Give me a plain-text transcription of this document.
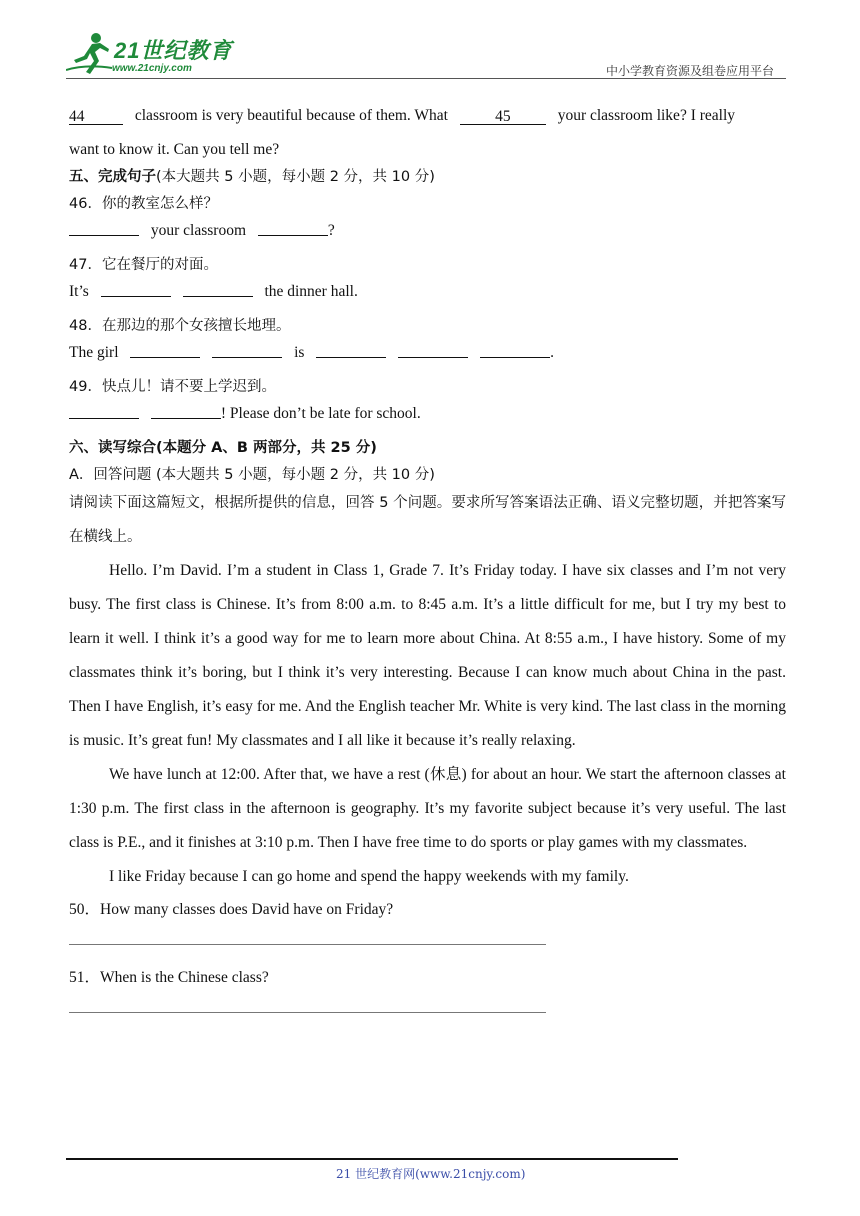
21世纪教育
www.21cnjy.com	中小学教育资源及组卷应用平台
44	classroom is very beautiful because of them. What	45	your classroom like? I really
want to know it. Can you tell me?
五、完成句子(本大题共 5 小题，每小题 2 分，共 10 分)
46．你的教室怎么样？
your classroom	?
47．它在餐厅的对面。
It’s	the dinner hall.
48．在那边的那个女孩擅长地理。
The girl	is	.
49．快点儿！请不要上学迟到。
! Please don’t be late for school.
六、读写综合(本题分 A、B 两部分，共 25 分)
A．回答问题 (本大题共 5 小题，每小题 2 分，共 10 分)
请阅读下面这篇短文，根据所提供的信息，回答 5 个问题。要求所写答案语法正确、语义完整切题，并把答案写在横线上。
Hello. I’m David. I’m a student in Class 1, Grade 7. It’s Friday today. I have six classes and I’m not very busy. The first class is Chinese. It’s from 8:00 a.m. to 8:45 a.m. It’s a little difficult for me, but I try my best to learn it well. I think it’s a good way for me to learn more about China. At 8:55 a.m., I have history. Some of my classmates think it’s boring, but I think it’s very interesting. Because I can know much about China in the past. Then I have English, it’s easy for me. And the English teacher Mr. White is very kind. The last class in the morning is music. It’s great fun! My classmates and I all like it because it’s really relaxing.
We have lunch at 12:00. After that, we have a rest (休息) for about an hour. We start the afternoon classes at 1:30 p.m. The first class in the afternoon is geography. It’s my favorite subject because it’s very useful. The last class is P.E., and it finishes at 3:10 p.m. Then I have free time to do sports or play games with my classmates.
I like Friday because I can go home and spend the happy weekends with my family.
50．How many classes does David have on Friday?
51．When is the Chinese class?
21 世纪教育网(www.21cnjy.com)
